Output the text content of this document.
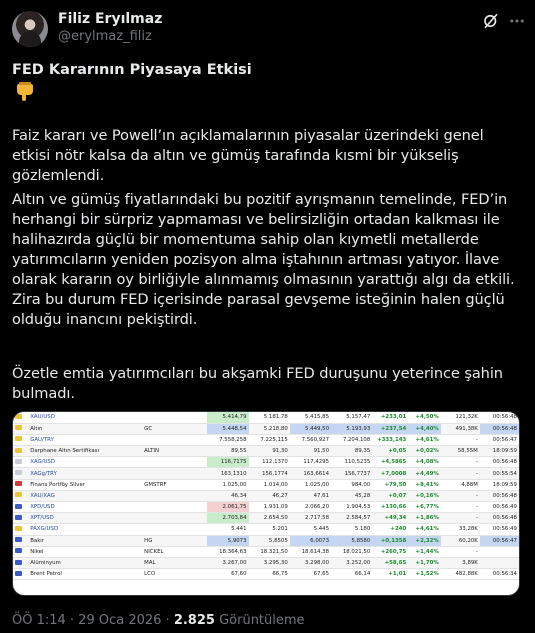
Filiz Eryılmaz
@erylmaz_filiz
FED Kararının Piyasaya Etkisi
Faiz kararı ve Powell’ın açıklamalarının piyasalar üzerindeki genel etkisi nötr kalsa da altın ve gümüş tarafında kısmi bir yükseliş gözlemlendi.
Altın ve gümüş fiyatlarındaki bu pozitif ayrışmanın temelinde, FED’in herhangi bir sürpriz yapmaması ve belirsizliğin ortadan kalkması ile halihazırda güçlü bir momentuma sahip olan kıymetli metallerde yatırımcıların yeniden pozisyon alma iştahının artması yatıyor. İlave olarak kararın oy birliğiyle alınmamış olmasının yarattığı algı da etkili. Zira bu durum FED içerisinde parasal gevşeme isteğinin halen güçlü olduğu inancını pekiştirdi.
Özetle emtia yatırımcıları bu akşamki FED duruşunu yeterince şahin bulmadı.
	XAU/USD		5.414,79	5.181,78	5.415,85	5.157,47	+233,01	+4,50%	121,32K	00:56:48
	Altın	GC	5.448,54	5.218,80	5.449,50	5.193,93	+237,54	+4,40%	491,38K	00:56:48
	GAU/TRY		7.558,258	7.225,115	7.560,927	7.204,108	+333,143	+4,61%	-	00:56:47
	Darphane Altın Sertifikası	ALTIN	89,55	91,30	91,50	89,35	+0,05	+0,02%	58,55M	18:09:59
	XAG/USD		116,7175	112,1370	117,4295	110,5235	+4,5865	+4,08%	-	00:56:48
	XAGg/TRY		163,1310	156,1774	163,6614	156,7737	+7,0008	+4,49%	-	00:55:54
	Finans Portföy Silver	GMSTRF	1.025,00	1.014,00	1.025,00	984,00	+79,50	+8,41%	4,88M	18:09:59
	XAU/XAG		46,34	46,27	47,61	45,28	+0,07	+0,16%	-	00:56:48
	XPD/USD		2.061,75	1.931,09	2.066,20	1.904,53	+130,66	+6,77%	-	00:56:49
	XPT/USD		2.703,84	2.654,50	2.717,58	2.584,57	+49,34	+1,86%	-	00:56:48
	PAXG/USD		5.441	5.201	5.445	5.180	+240	+4,61%	33,28K	00:56:49
	Bakır	HG	5,9073	5,8505	6,0073	5,8580	+0,1358	+2,32%	60,20K	00:56:47
	Nikel	NICKEL	18.364,63	18.321,50	18.614,38	18.021,50	+260,75	+1,44%	-	
	Alüminyum	MAL	3.267,00	3.295,30	3.298,00	3.252,00	+58,65	+1,70%	3,89K	
	Brent Petrol	LCO	67,60	66,75	67,65	66,14	+1,01	+1,52%	482,88K	00:56:34
ÖÖ 1:14 · 29 Oca 2026 · 2.825 Görüntüleme
